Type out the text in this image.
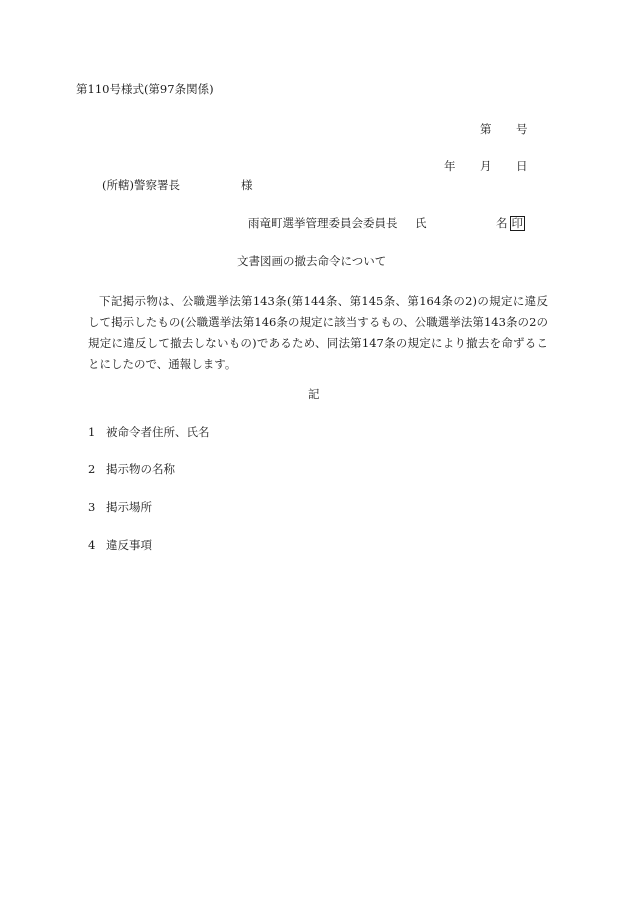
第110号様式(第97条関係)
第 号
年 月 日
(所轄)警察署長	様
雨竜町選挙管理委員会委員長 氏	名 印
文書図画の撤去命令について
下記掲示物は、公職選挙法第143条(第144条、第145条、第164条の2)の規定に違反して掲示したもの(公職選挙法第146条の規定に該当するもの、公職選挙法第143条の2の規定に違反して撤去しないもの)であるため、同法第147条の規定により撤去を命ずることにしたので、通報します。
記
1 被命令者住所、氏名
2 掲示物の名称
3 掲示場所
4 違反事項
